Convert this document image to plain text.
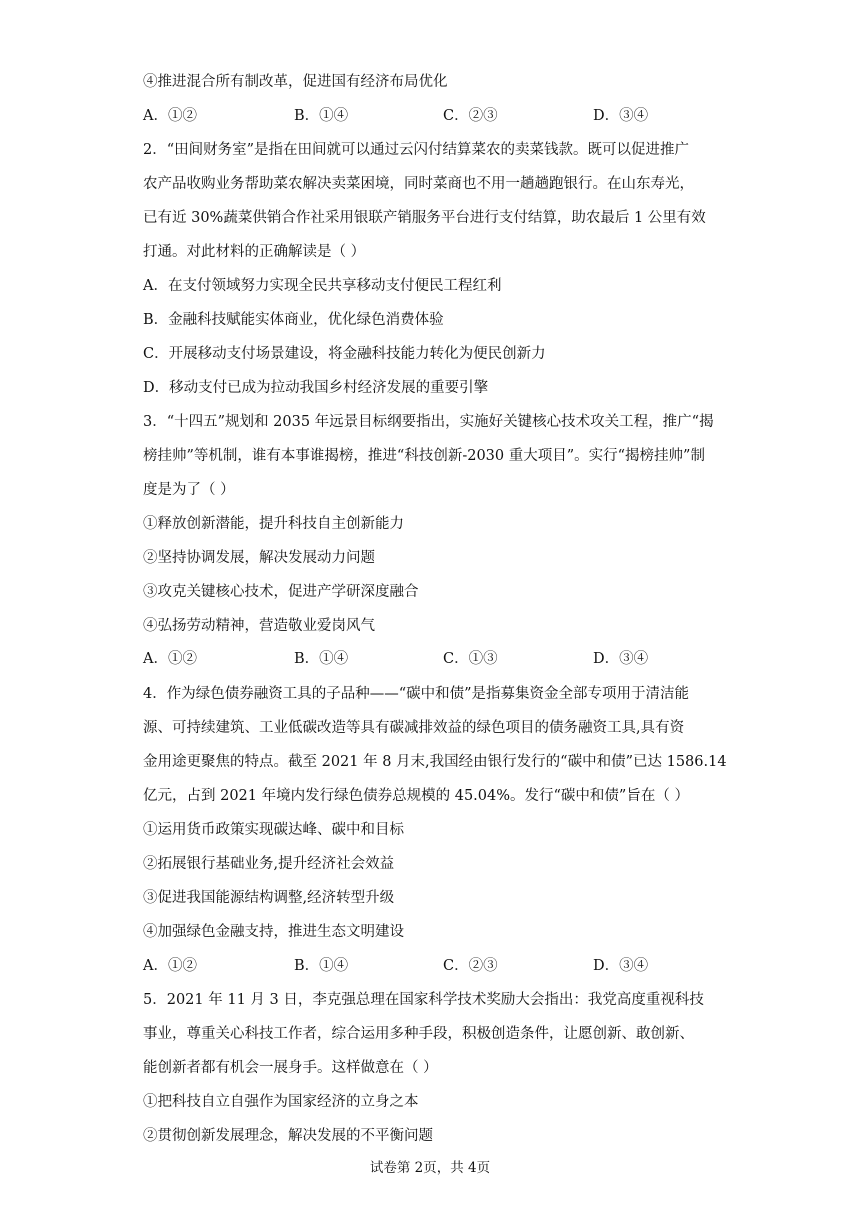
④推进混合所有制改革，促进国有经济布局优化
A．①②	B．①④	C．②③	D．③④
2．“田间财务室”是指在田间就可以通过云闪付结算菜农的卖菜钱款。既可以促进推广
农产品收购业务帮助菜农解决卖菜困境，同时菜商也不用一趟趟跑银行。在山东寿光，
已有近 30%蔬菜供销合作社采用银联产销服务平台进行支付结算，助农最后 1 公里有效
打通。对此材料的正确解读是（ ）
A．在支付领域努力实现全民共享移动支付便民工程红利
B．金融科技赋能实体商业，优化绿色消费体验
C．开展移动支付场景建设，将金融科技能力转化为便民创新力
D．移动支付已成为拉动我国乡村经济发展的重要引擎
3．“十四五”规划和 2035 年远景目标纲要指出，实施好关键核心技术攻关工程，推广“揭
榜挂帅”等机制，谁有本事谁揭榜，推进“科技创新-2030 重大项目”。实行“揭榜挂帅”制
度是为了（ ）
①释放创新潜能，提升科技自主创新能力
②坚持协调发展，解决发展动力问题
③攻克关键核心技术，促进产学研深度融合
④弘扬劳动精神，营造敬业爱岗风气
A．①②	B．①④	C．①③	D．③④
4．作为绿色债券融资工具的子品种——“碳中和债”是指募集资金全部专项用于清洁能
源、可持续建筑、工业低碳改造等具有碳减排效益的绿色项目的债务融资工具,具有资
金用途更聚焦的特点。截至 2021 年 8 月末,我国经由银行发行的“碳中和债”已达 1586.14
亿元，占到 2021 年境内发行绿色债券总规模的 45.04%。发行“碳中和债”旨在（ ）
①运用货币政策实现碳达峰、碳中和目标
②拓展银行基础业务,提升经济社会效益
③促进我国能源结构调整,经济转型升级
④加强绿色金融支持，推进生态文明建设
A．①②	B．①④	C．②③	D．③④
5．2021 年 11 月 3 日，李克强总理在国家科学技术奖励大会指出：我党高度重视科技
事业，尊重关心科技工作者，综合运用多种手段，积极创造条件，让愿创新、敢创新、
能创新者都有机会一展身手。这样做意在（ ）
①把科技自立自强作为国家经济的立身之本
②贯彻创新发展理念，解决发展的不平衡问题
试卷第 2页，共 4页
